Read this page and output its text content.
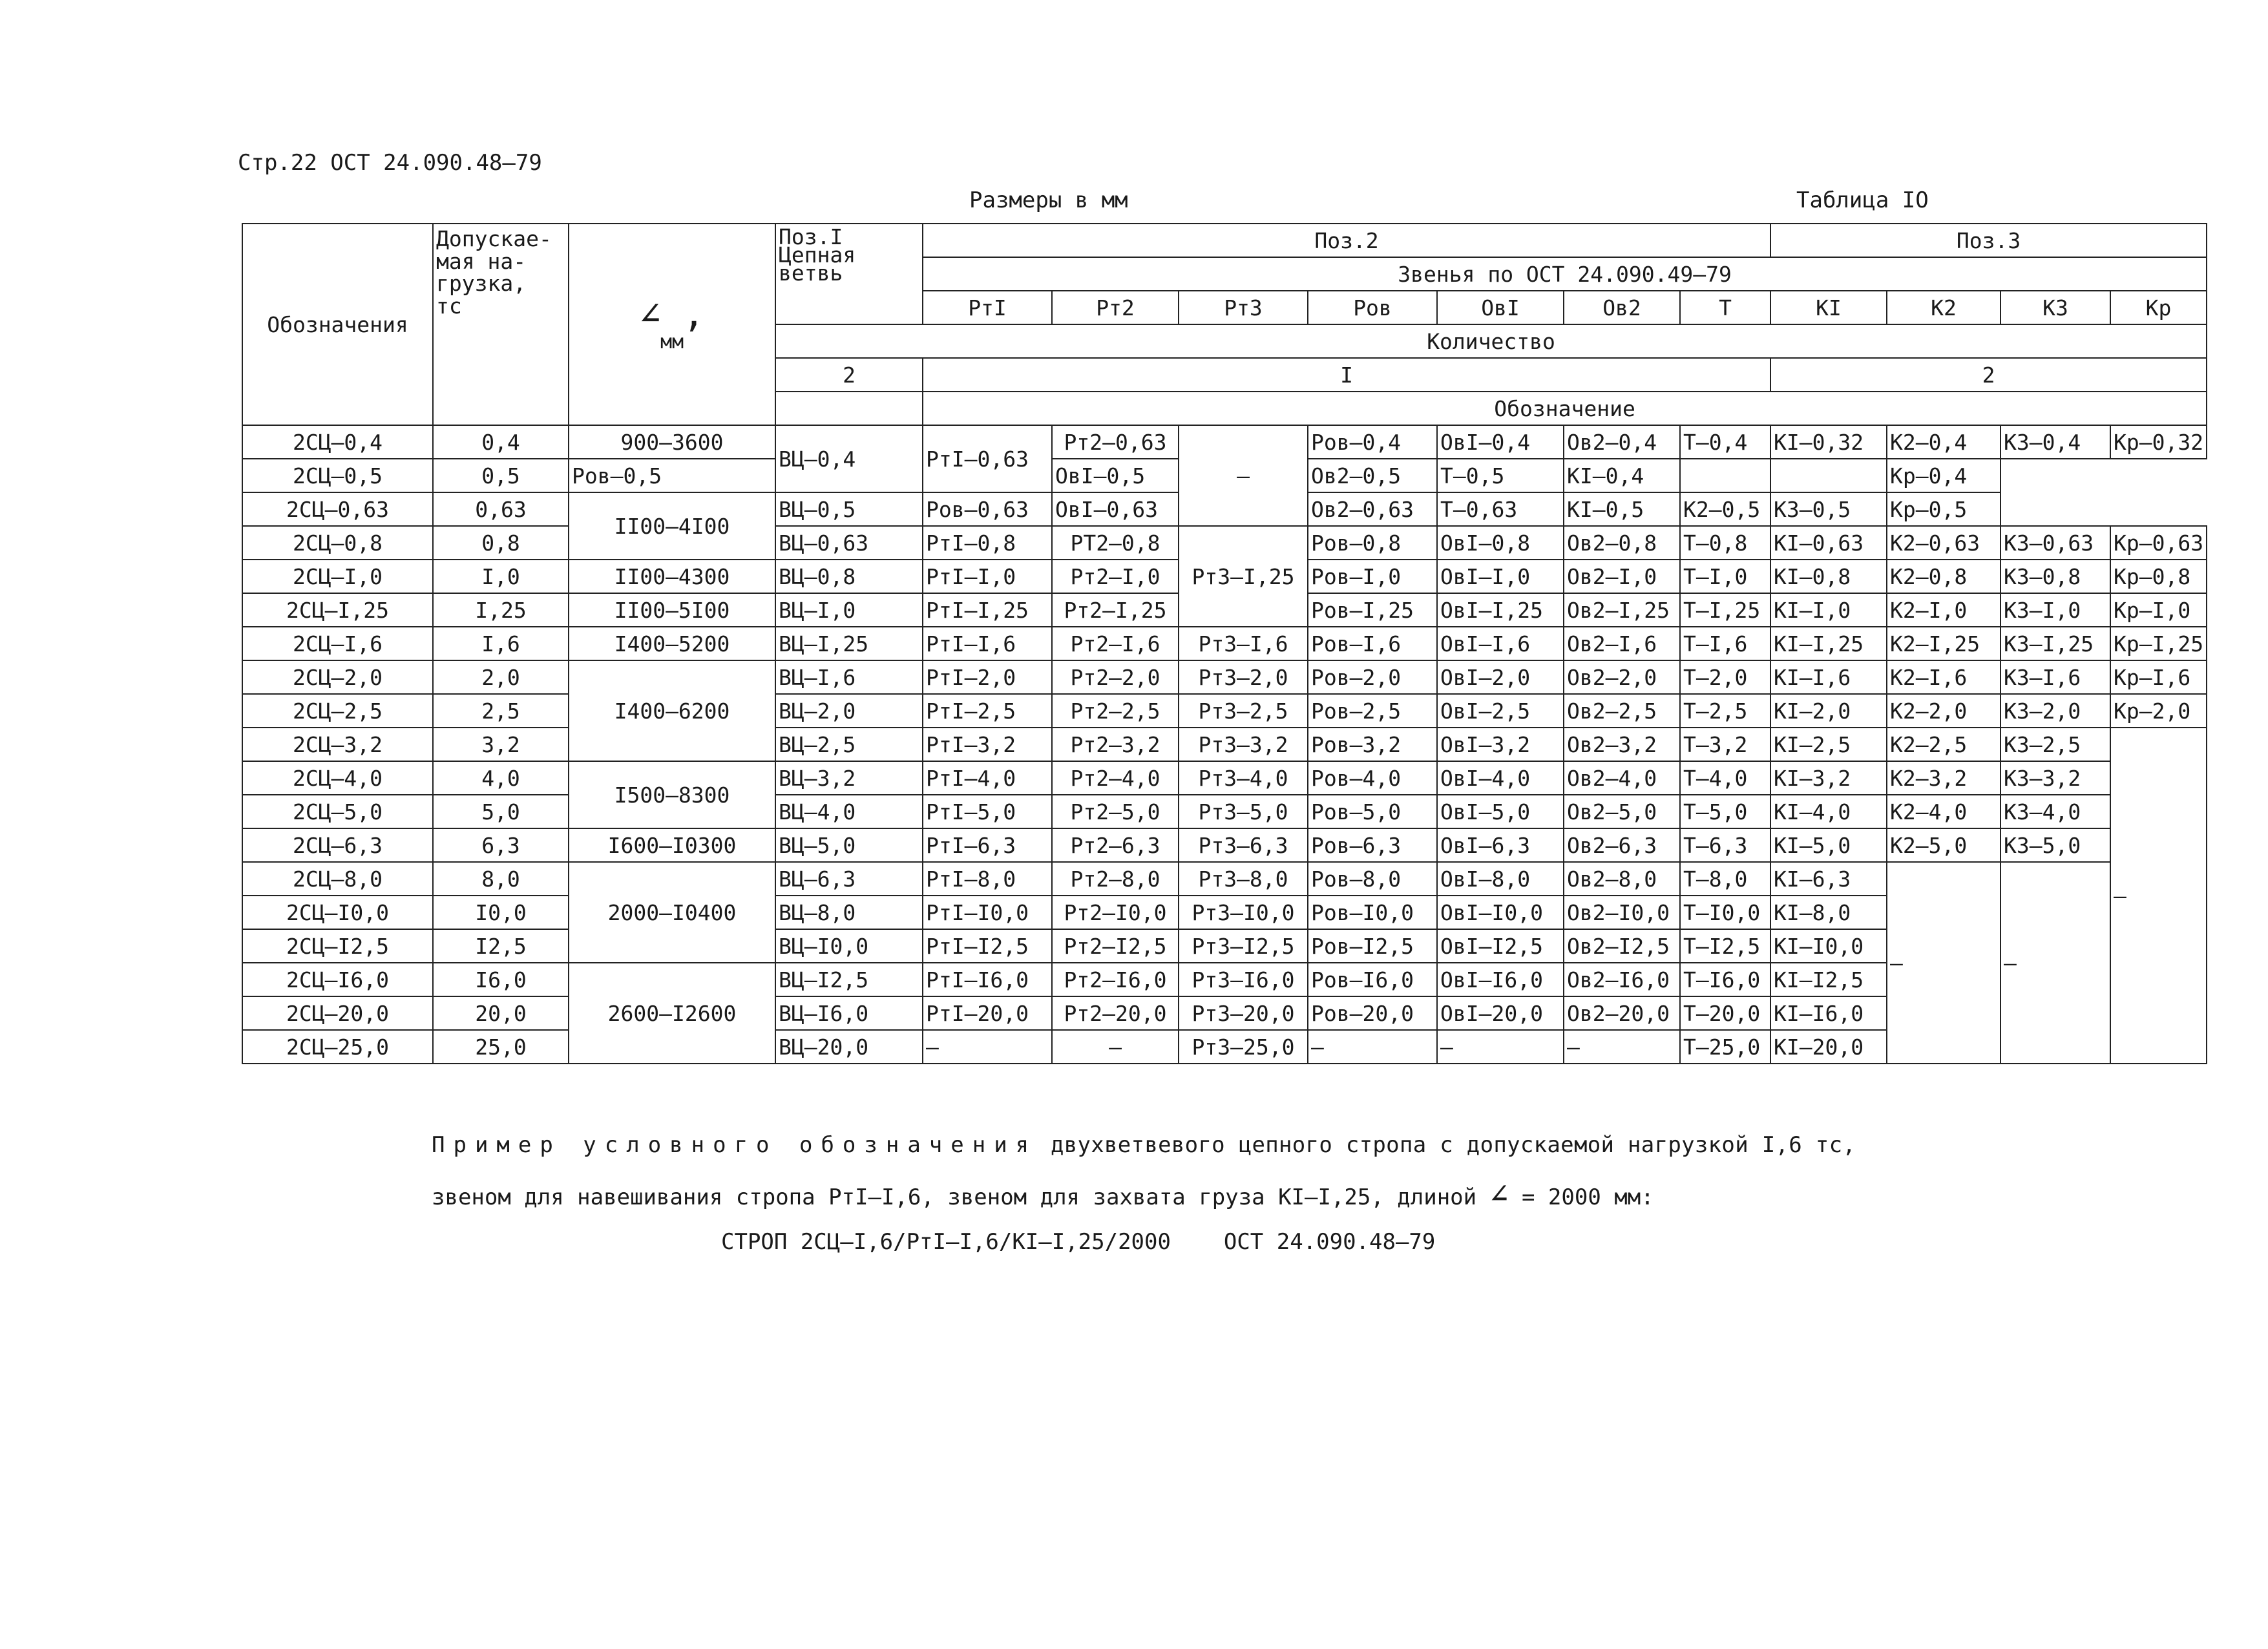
Стр.22 ОСТ 24.090.48–79
Размеры в мм	Таблица IO
Обозначения	Допускае-
мая на-
грузка,
тс	∠ ,
мм	Поз.I
Цепная
ветвь	Поз.2							Поз.3			
				Звенья по ОСТ 24.090.49–79										
				РтI	Рт2	Рт3	Ров	ОвI	Ов2	Т	КI	К2	К3	Кр
			Количество											
			2	I							2			
				Обозначение										
2СЦ–0,4	0,4	900–3600	ВЦ–0,4	РтI–0,63	Рт2–0,63	–	Ров–0,4	ОвI–0,4	Ов2–0,4	Т–0,4	КI–0,32	К2–0,4	К3–0,4	Кр–0,32
2СЦ–0,5	0,5	Ров–0,5			ОвI–0,5		Ов2–0,5	Т–0,5	КI–0,4			Кр–0,4		
2СЦ–0,63	0,63	II00–4I00	ВЦ–0,5	Ров–0,63	ОвI–0,63		Ов2–0,63	Т–0,63	КI–0,5	К2–0,5	К3–0,5	Кр–0,5		
2СЦ–0,8	0,8		ВЦ–0,63	РтI–0,8	РТ2–0,8	Рт3–I,25	Ров–0,8	ОвI–0,8	Ов2–0,8	Т–0,8	КI–0,63	К2–0,63	К3–0,63	Кр–0,63
2СЦ–I,0	I,0	II00–4300	ВЦ–0,8	РтI–I,0	Рт2–I,0		Ров–I,0	ОвI–I,0	Ов2–I,0	Т–I,0	КI–0,8	К2–0,8	К3–0,8	Кр–0,8
2СЦ–I,25	I,25	II00–5I00	ВЦ–I,0	РтI–I,25	Рт2–I,25		Ров–I,25	ОвI–I,25	Ов2–I,25	Т–I,25	КI–I,0	К2–I,0	К3–I,0	Кр–I,0
2СЦ–I,6	I,6	I400–5200	ВЦ–I,25	РтI–I,6	Рт2–I,6	Рт3–I,6	Ров–I,6	ОвI–I,6	Ов2–I,6	Т–I,6	КI–I,25	К2–I,25	К3–I,25	Кр–I,25
2СЦ–2,0	2,0	I400–6200	ВЦ–I,6	РтI–2,0	Рт2–2,0	Рт3–2,0	Ров–2,0	ОвI–2,0	Ов2–2,0	Т–2,0	КI–I,6	К2–I,6	К3–I,6	Кр–I,6
2СЦ–2,5	2,5		ВЦ–2,0	РтI–2,5	Рт2–2,5	Рт3–2,5	Ров–2,5	ОвI–2,5	Ов2–2,5	Т–2,5	КI–2,0	К2–2,0	К3–2,0	Кр–2,0
2СЦ–3,2	3,2		ВЦ–2,5	РтI–3,2	Рт2–3,2	Рт3–3,2	Ров–3,2	ОвI–3,2	Ов2–3,2	Т–3,2	КI–2,5	К2–2,5	К3–2,5	–
2СЦ–4,0	4,0	I500–8300	ВЦ–3,2	РтI–4,0	Рт2–4,0	Рт3–4,0	Ров–4,0	ОвI–4,0	Ов2–4,0	Т–4,0	КI–3,2	К2–3,2	К3–3,2	
2СЦ–5,0	5,0		ВЦ–4,0	РтI–5,0	Рт2–5,0	Рт3–5,0	Ров–5,0	ОвI–5,0	Ов2–5,0	Т–5,0	КI–4,0	К2–4,0	К3–4,0	
2СЦ–6,3	6,3	I600–I0300	ВЦ–5,0	РтI–6,3	Рт2–6,3	Рт3–6,3	Ров–6,3	ОвI–6,3	Ов2–6,3	Т–6,3	КI–5,0	К2–5,0	К3–5,0	
2СЦ–8,0	8,0	2000–I0400	ВЦ–6,3	РтI–8,0	Рт2–8,0	Рт3–8,0	Ров–8,0	ОвI–8,0	Ов2–8,0	Т–8,0	КI–6,3	–	–	
2СЦ–I0,0	I0,0		ВЦ–8,0	РтI–I0,0	Рт2–I0,0	Рт3–I0,0	Ров–I0,0	ОвI–I0,0	Ов2–I0,0	Т–I0,0	КI–8,0			
2СЦ–I2,5	I2,5		ВЦ–I0,0	РтI–I2,5	Рт2–I2,5	Рт3–I2,5	Ров–I2,5	ОвI–I2,5	Ов2–I2,5	Т–I2,5	КI–I0,0			
2СЦ–I6,0	I6,0	2600–I2600	ВЦ–I2,5	РтI–I6,0	Рт2–I6,0	Рт3–I6,0	Ров–I6,0	ОвI–I6,0	Ов2–I6,0	Т–I6,0	КI–I2,5			
2СЦ–20,0	20,0		ВЦ–I6,0	РтI–20,0	Рт2–20,0	Рт3–20,0	Ров–20,0	ОвI–20,0	Ов2–20,0	Т–20,0	КI–I6,0			
2СЦ–25,0	25,0		ВЦ–20,0	–	–	Рт3–25,0	–	–	–	Т–25,0	КI–20,0			
Пример условного обозначения двухветвевого цепного стропа с допускаемой нагрузкой I,6 тс,
звеном для навешивания стропа РтI–I,6, звеном для захвата груза КI–I,25, длиной ∠ = 2000 мм:
СТРОП 2СЦ–I,6/РтI–I,6/КI–I,25/2000    ОСТ 24.090.48–79
